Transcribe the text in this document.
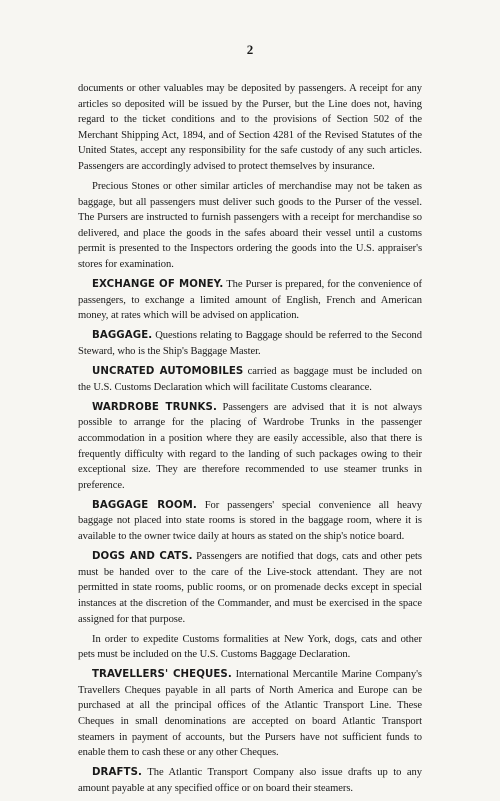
2

documents or other valuables may be deposited by passengers. A receipt for any articles so deposited will be issued by the Purser, but the Line does not, having regard to the ticket conditions and to the provisions of Section 502 of the Merchant Shipping Act, 1894, and of Section 4281 of the Revised Statutes of the United States, accept any responsibility for the safe custody of any such articles. Passengers are accordingly advised to protect themselves by insurance.

Precious Stones or other similar articles of merchandise may not be taken as baggage, but all passengers must deliver such goods to the Purser of the vessel. The Pursers are instructed to furnish passengers with a receipt for merchandise so delivered, and place the goods in the safes aboard their vessel until a customs permit is presented to the Inspectors ordering the goods into the U.S. appraiser's stores for examination.

EXCHANGE OF MONEY. The Purser is prepared, for the convenience of passengers, to exchange a limited amount of English, French and American money, at rates which will be advised on application.

BAGGAGE. Questions relating to Baggage should be referred to the Second Steward, who is the Ship's Baggage Master.

UNCRATED AUTOMOBILES carried as baggage must be included on the U.S. Customs Declaration which will facilitate Customs clearance.

WARDROBE TRUNKS. Passengers are advised that it is not always possible to arrange for the placing of Wardrobe Trunks in the passenger accommodation in a position where they are easily accessible, also that there is frequently difficulty with regard to the landing of such packages owing to their exceptional size. They are therefore recommended to use steamer trunks in preference.

BAGGAGE ROOM. For passengers' special convenience all heavy baggage not placed into state rooms is stored in the baggage room, where it is available to the owner twice daily at hours as stated on the ship's notice board.

DOGS AND CATS. Passengers are notified that dogs, cats and other pets must be handed over to the care of the Live-stock attendant. They are not permitted in state rooms, public rooms, or on promenade decks except in special instances at the discretion of the Commander, and must be exercised in the space assigned for that purpose.

In order to expedite Customs formalities at New York, dogs, cats and other pets must be included on the U.S. Customs Baggage Declaration.

TRAVELLERS' CHEQUES. International Mercantile Marine Company's Travellers Cheques payable in all parts of North America and Europe can be purchased at all the principal offices of the Atlantic Transport Line. These Cheques in small denominations are accepted on board Atlantic Transport steamers in payment of accounts, but the Pursers have not sufficient funds to enable them to cash these or any other Cheques.

DRAFTS. The Atlantic Transport Company also issue drafts up to any amount payable at any specified office or on board their steamers.
